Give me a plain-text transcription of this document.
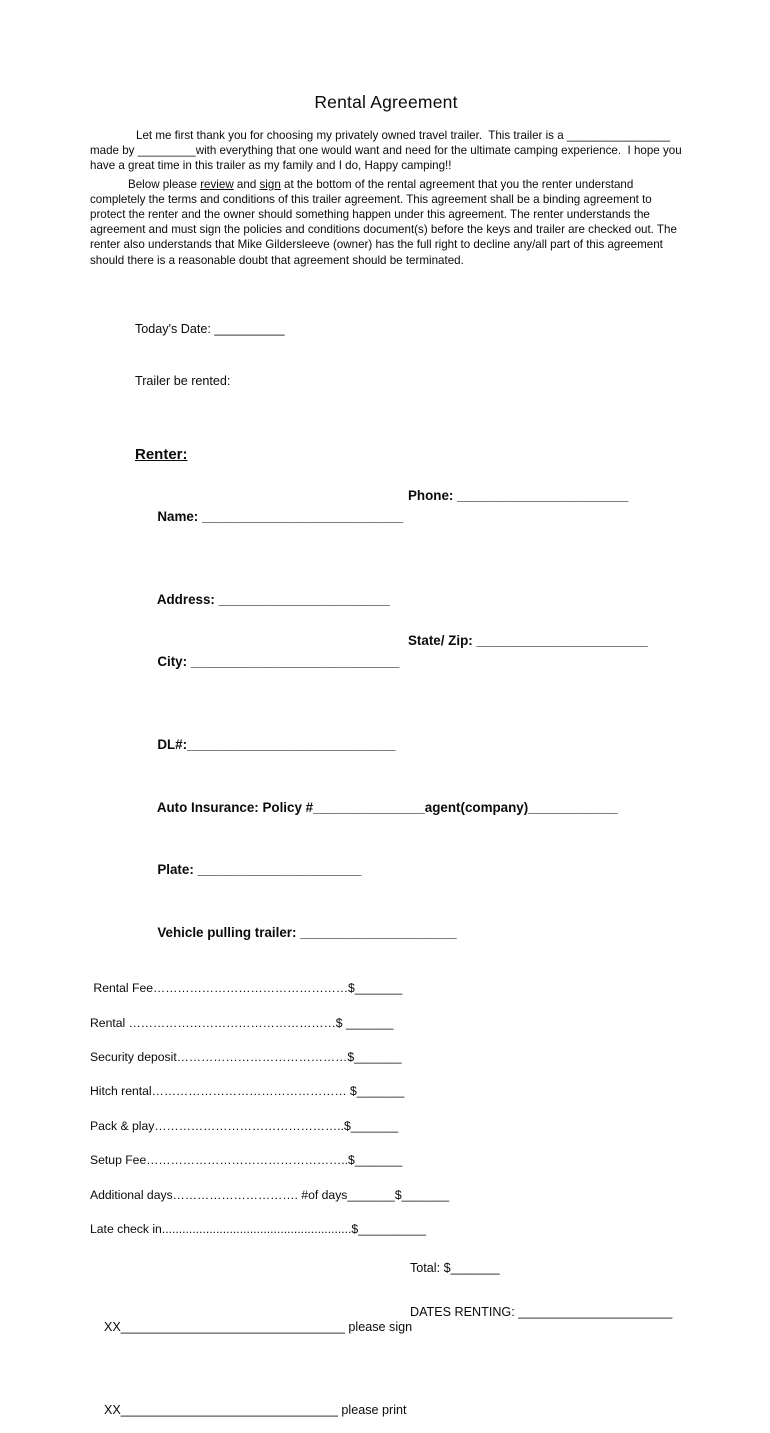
Rental Agreement
Let me first thank you for choosing my privately owned travel trailer.  This trailer is a ________________ made by _________with everything that one would want and need for the ultimate camping experience.  I hope you have a great time in this trailer as my family and I do, Happy camping!!
Below please review and sign at the bottom of the rental agreement that you the renter understand completely the terms and conditions of this trailer agreement. This agreement shall be a binding agreement to protect the renter and the owner should something happen under this agreement. The renter understands the agreement and must sign the policies and conditions document(s) before the keys and trailer are checked out. The renter also understands that Mike Gildersleeve (owner) has the full right to decline any/all part of this agreement should there is a reasonable doubt that agreement should be terminated.

Today's Date: __________

Trailer be rented:

Renter:

Name: ___________________________

Phone: _______________________

Address: _______________________

City: ____________________________

State/ Zip: _______________________

DL#:____________________________

Auto Insurance: Policy #_______________agent(company)____________

Plate: ______________________

Vehicle pulling trailer: _____________________

Rental Fee…………………………………………$_______
Rental ……………………………………………$ _______
Security deposit……………………………………$_______
Hitch rental………………………………………… $_______
Pack & play………………………………………..$_______
Setup Fee…………………………………………..$_______
Additional days…………………………. #of days_______$_______
Late check in........................................................$__________
Total: $_______

XX________________________________ please sign

DATES RENTING: ______________________

XX_______________________________ please print
